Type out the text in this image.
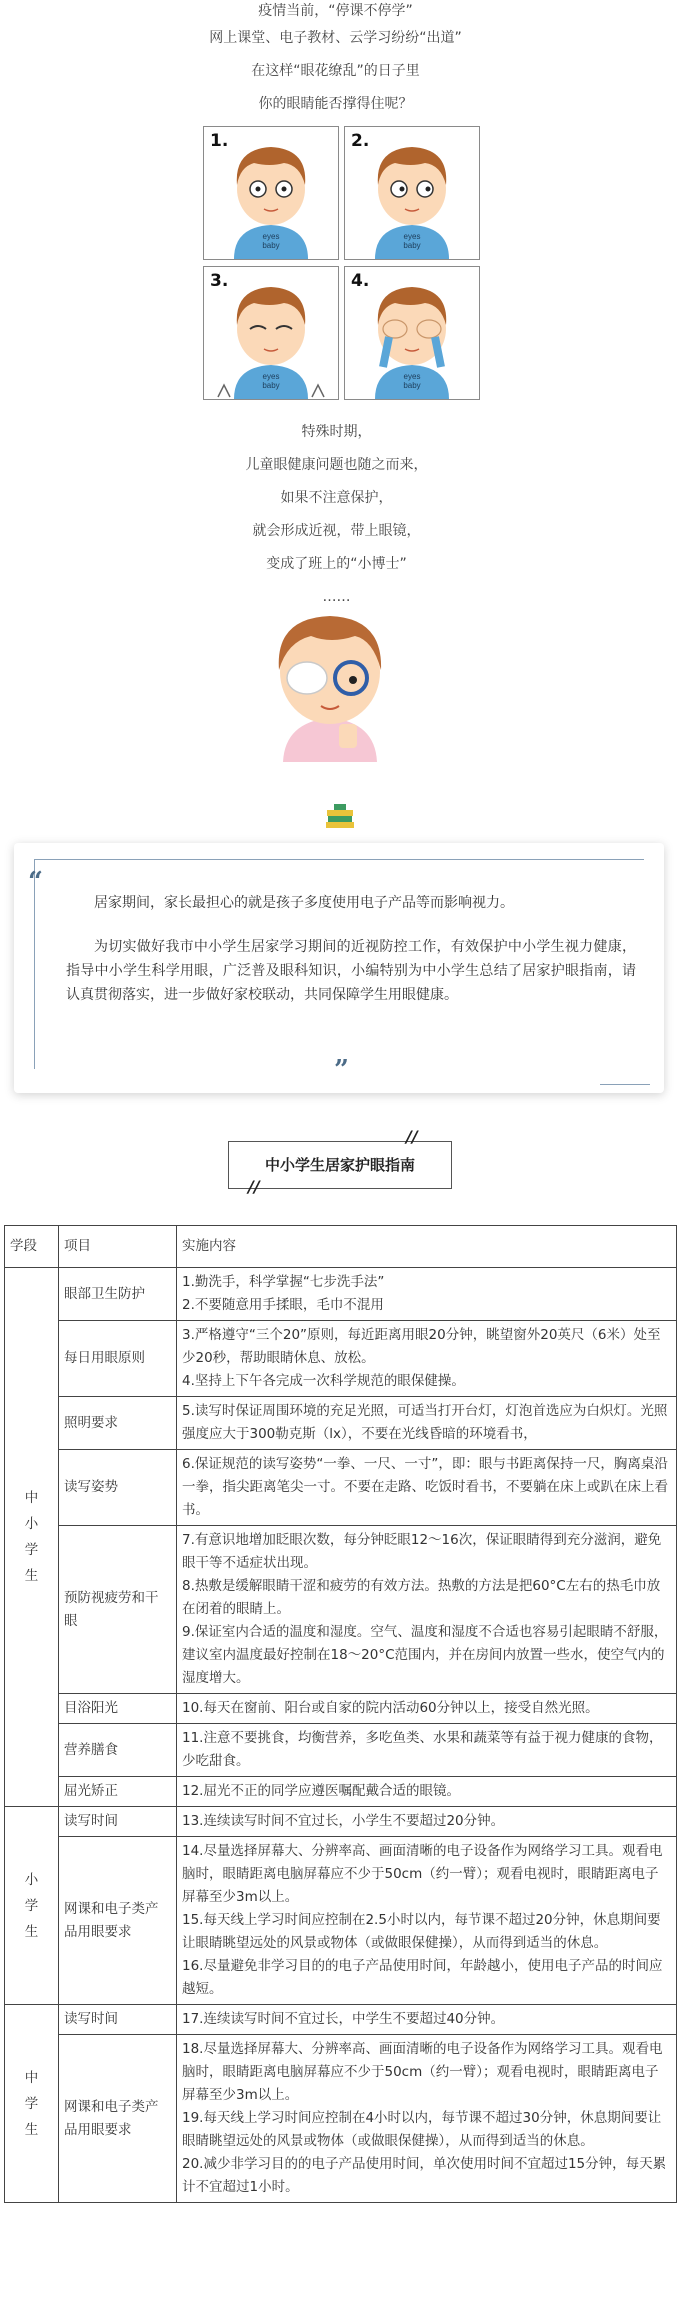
疫情当前，“停课不停学”

网上课堂、电子教材、云学习纷纷“出道”

在这样“眼花缭乱”的日子里

你的眼睛能否撑得住呢？

1.
eyes
baby
2.
eyes
baby
3.
eyes
baby
4.
eyes
baby

特殊时期，

儿童眼健康问题也随之而来，

如果不注意保护，

就会形成近视，带上眼镜，

变成了班上的“小博士”

……

“
”

居家期间，家长最担心的就是孩子多度使用电子产品等而影响视力。

为切实做好我市中小学生居家学习期间的近视防控工作，有效保护中小学生视力健康，指导中小学生科学用眼，广泛普及眼科知识，小编特别为中小学生总结了居家护眼指南，请认真贯彻落实，进一步做好家校联动，共同保障学生用眼健康。

中小学生居家护眼指南
//
//
学段	项目	实施内容
中小学生	眼部卫生防护	1.勤洗手，科学掌握“七步洗手法”
2.不要随意用手揉眼，毛巾不混用

	每日用眼原则	3.严格遵守“三个20”原则，每近距离用眼20分钟，眺望窗外20英尺（6米）处至少20秒，帮助眼睛休息、放松。
4.坚持上下午各完成一次科学规范的眼保健操。

	照明要求	5.读写时保证周围环境的充足光照，可适当打开台灯，灯泡首选应为白炽灯。光照强度应大于300勒克斯（lx），不要在光线昏暗的环境看书，

	读写姿势	6.保证规范的读写姿势“一拳、一尺、一寸”，即：眼与书距离保持一尺，胸离桌沿一拳，指尖距离笔尖一寸。不要在走路、吃饭时看书，不要躺在床上或趴在床上看书。

	预防视疲劳和干眼	7.有意识地增加眨眼次数，每分钟眨眼12～16次，保证眼睛得到充分滋润，避免眼干等不适症状出现。
8.热敷是缓解眼睛干涩和疲劳的有效方法。热敷的方法是把60°C左右的热毛巾放在闭着的眼睛上。
9.保证室内合适的温度和湿度。空气、温度和湿度不合适也容易引起眼睛不舒服，建议室内温度最好控制在18～20°C范围内，并在房间内放置一些水，使空气内的湿度增大。

	目浴阳光	10.每天在窗前、阳台或自家的院内活动60分钟以上，接受自然光照。

	营养膳食	11.注意不要挑食，均衡营养，多吃鱼类、水果和蔬菜等有益于视力健康的食物，少吃甜食。

	屈光矫正	12.屈光不正的同学应遵医嘱配戴合适的眼镜。

小学生	读写时间	13.连续读写时间不宜过长，小学生不要超过20分钟。

	网课和电子类产品用眼要求	14.尽量选择屏幕大、分辨率高、画面清晰的电子设备作为网络学习工具。观看电脑时，眼睛距离电脑屏幕应不少于50cm（约一臂）；观看电视时，眼睛距离电子屏幕至少3m以上。
15.每天线上学习时间应控制在2.5小时以内，每节课不超过20分钟，休息期间要让眼睛眺望远处的风景或物体（或做眼保健操），从而得到适当的休息。
16.尽量避免非学习目的的电子产品使用时间，年龄越小，使用电子产品的时间应越短。

中学生	读写时间	17.连续读写时间不宜过长，中学生不要超过40分钟。

	网课和电子类产品用眼要求	18.尽量选择屏幕大、分辨率高、画面清晰的电子设备作为网络学习工具。观看电脑时，眼睛距离电脑屏幕应不少于50cm（约一臂）；观看电视时，眼睛距离电子屏幕至少3m以上。
19.每天线上学习时间应控制在4小时以内，每节课不超过30分钟，休息期间要让眼睛眺望远处的风景或物体（或做眼保健操），从而得到适当的休息。
20.减少非学习目的的电子产品使用时间，单次使用时间不宜超过15分钟，每天累计不宜超过1小时。
